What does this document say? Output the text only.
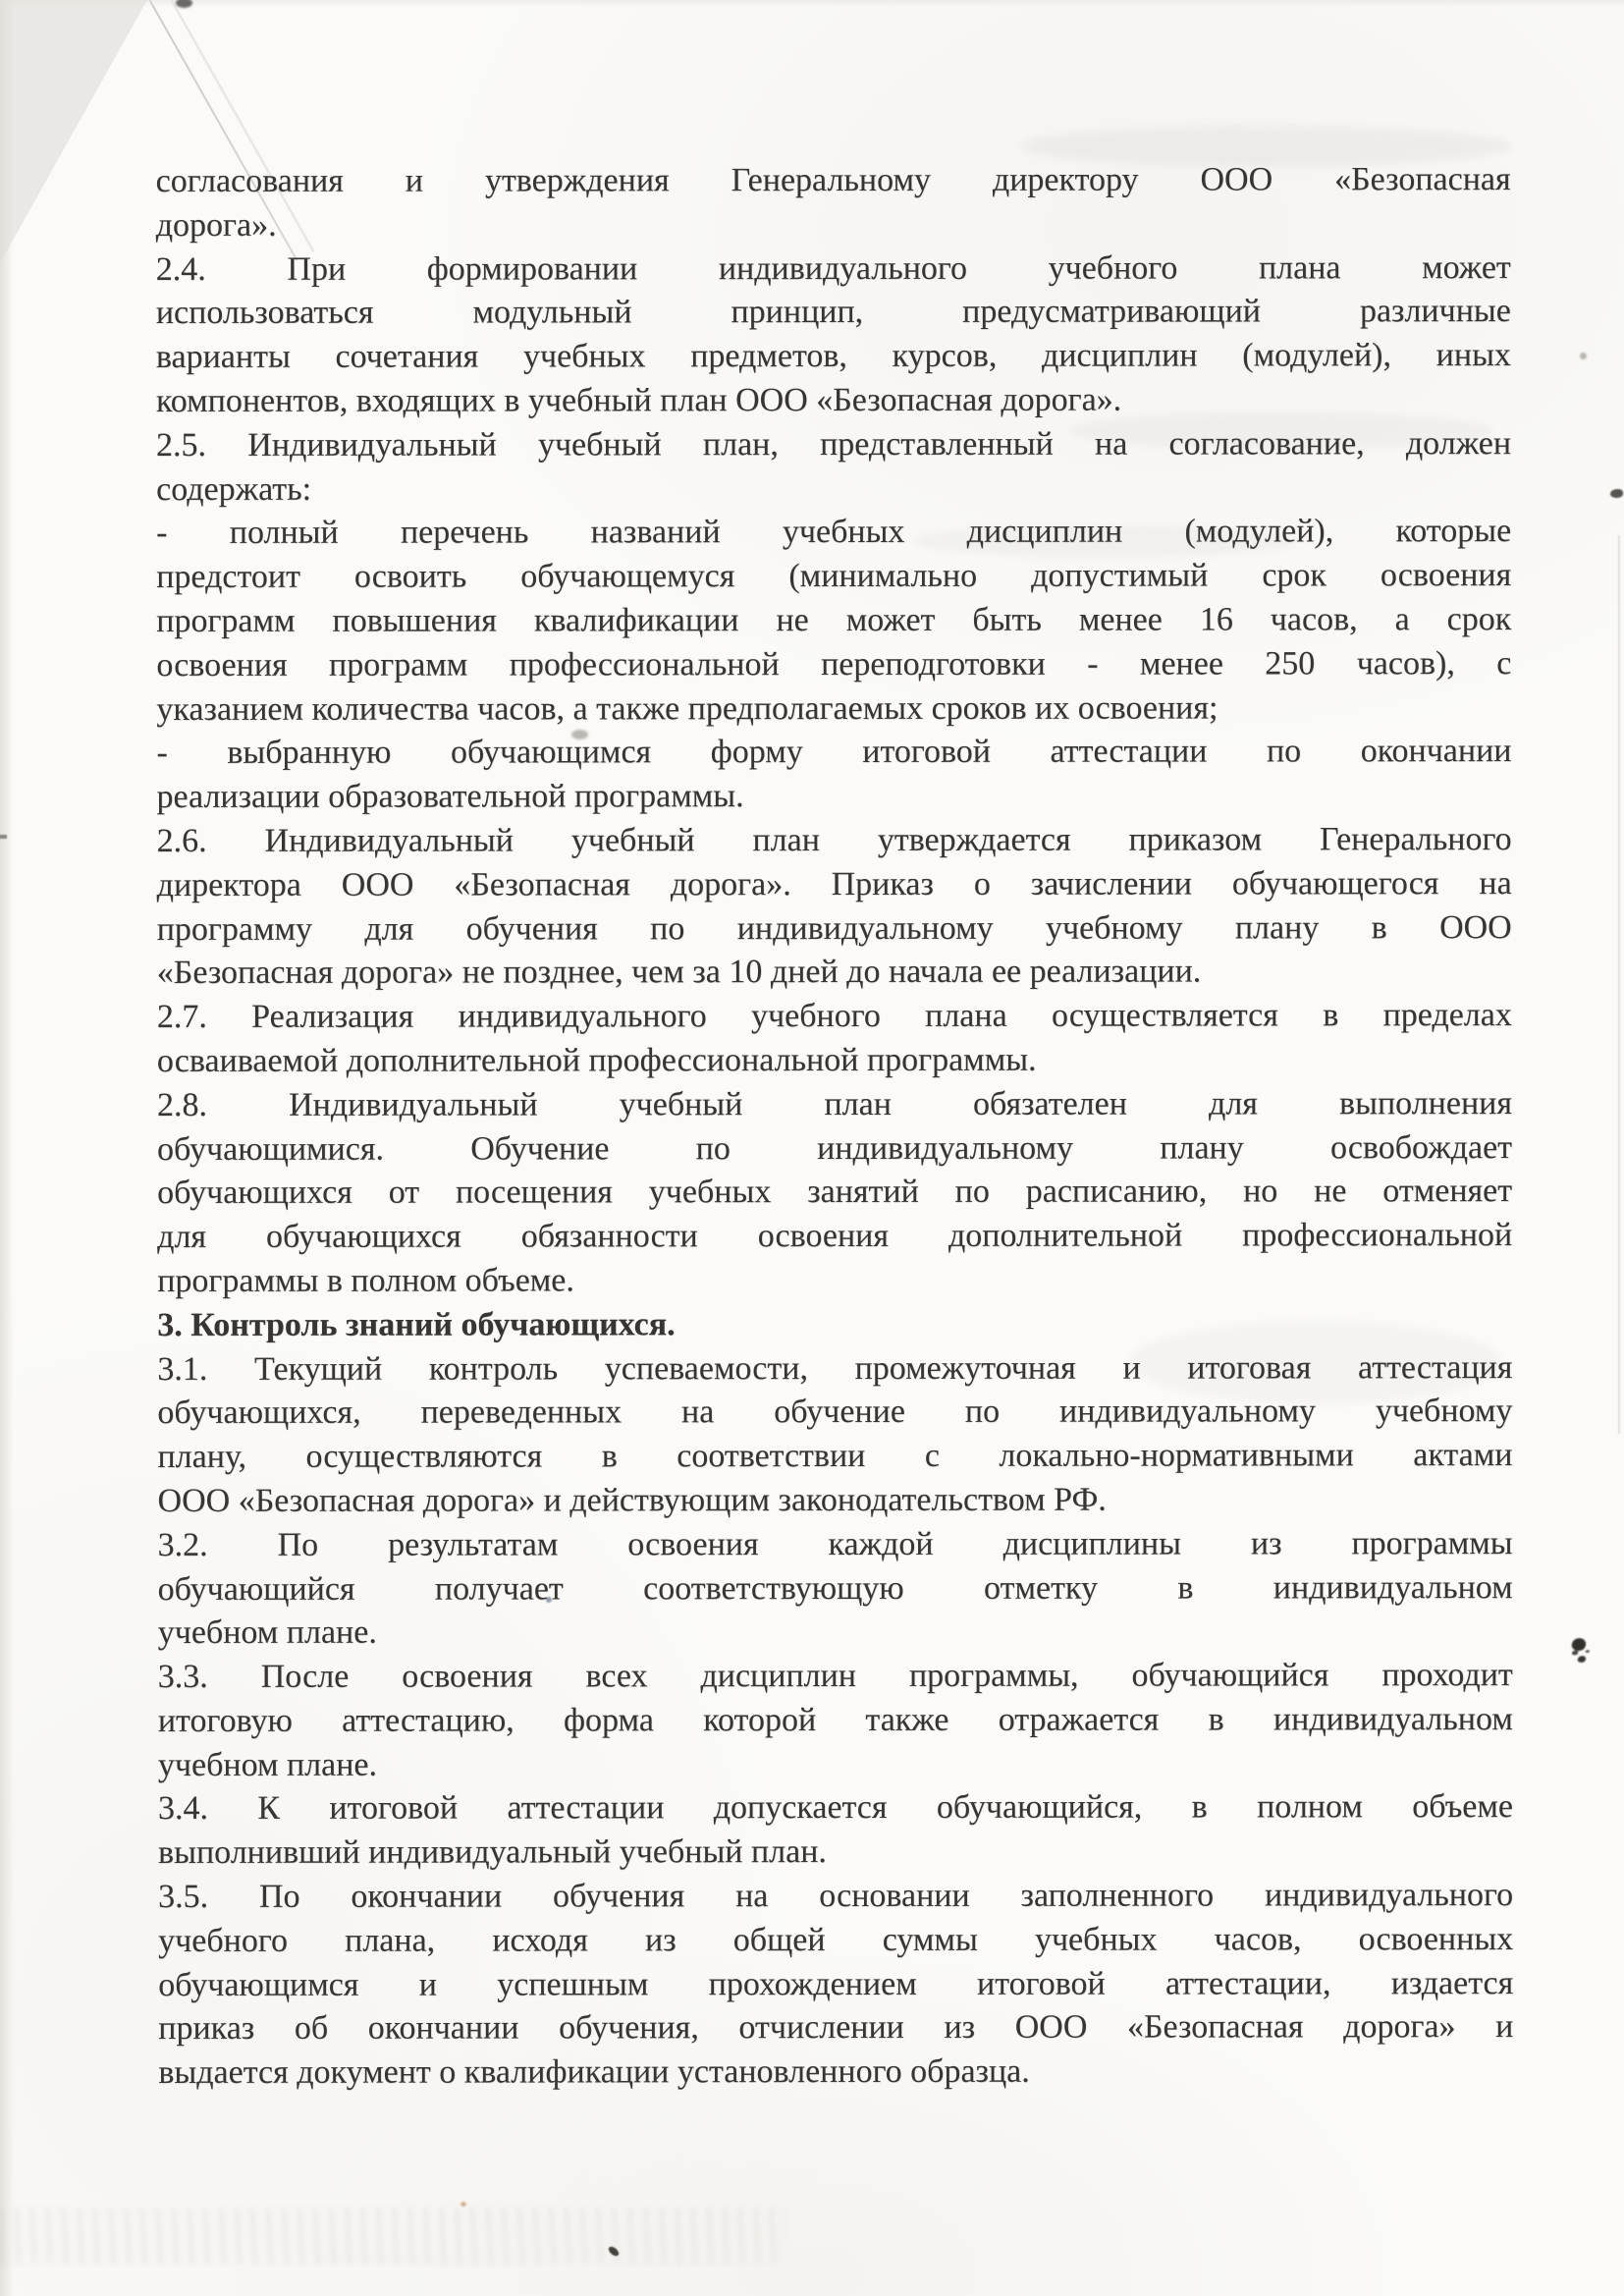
согласования и утверждения Генеральному директору ООО «Безопасная
дорога».
2.4. При формировании индивидуального учебного плана может
использоваться модульный принцип, предусматривающий различные
варианты сочетания учебных предметов, курсов, дисциплин (модулей), иных
компонентов, входящих в учебный план ООО «Безопасная дорога».
2.5. Индивидуальный учебный план, представленный на согласование, должен
содержать:
- полный перечень названий учебных дисциплин (модулей), которые
предстоит освоить обучающемуся (минимально допустимый срок освоения
программ повышения квалификации не может быть менее 16 часов, а срок
освоения программ профессиональной переподготовки - менее 250 часов), с
указанием количества часов, а также предполагаемых сроков их освоения;
- выбранную обучающимся форму итоговой аттестации по окончании
реализации образовательной программы.
2.6. Индивидуальный учебный план утверждается приказом Генерального
директора ООО «Безопасная дорога». Приказ о зачислении обучающегося на
программу для обучения по индивидуальному учебному плану в ООО
«Безопасная дорога» не позднее, чем за 10 дней до начала ее реализации.
2.7. Реализация индивидуального учебного плана осуществляется в пределах
осваиваемой дополнительной профессиональной программы.
2.8. Индивидуальный учебный план обязателен для выполнения
обучающимися. Обучение по индивидуальному плану освобождает
обучающихся от посещения учебных занятий по расписанию, но не отменяет
для обучающихся обязанности освоения дополнительной профессиональной
программы в полном объеме.
3. Контроль знаний обучающихся.
3.1. Текущий контроль успеваемости, промежуточная и итоговая аттестация
обучающихся, переведенных на обучение по индивидуальному учебному
плану, осуществляются в соответствии с локально-нормативными актами
ООО «Безопасная дорога» и действующим законодательством РФ.
3.2. По результатам освоения каждой дисциплины из программы
обучающийся получает соответствующую отметку в индивидуальном
учебном плане.
3.3. После освоения всех дисциплин программы, обучающийся проходит
итоговую аттестацию, форма которой также отражается в индивидуальном
учебном плане.
3.4. К итоговой аттестации допускается обучающийся, в полном объеме
выполнивший индивидуальный учебный план.
3.5. По окончании обучения на основании заполненного индивидуального
учебного плана, исходя из общей суммы учебных часов, освоенных
обучающимся и успешным прохождением итоговой аттестации, издается
приказ об окончании обучения, отчислении из ООО «Безопасная дорога» и
выдается документ о квалификации установленного образца.
